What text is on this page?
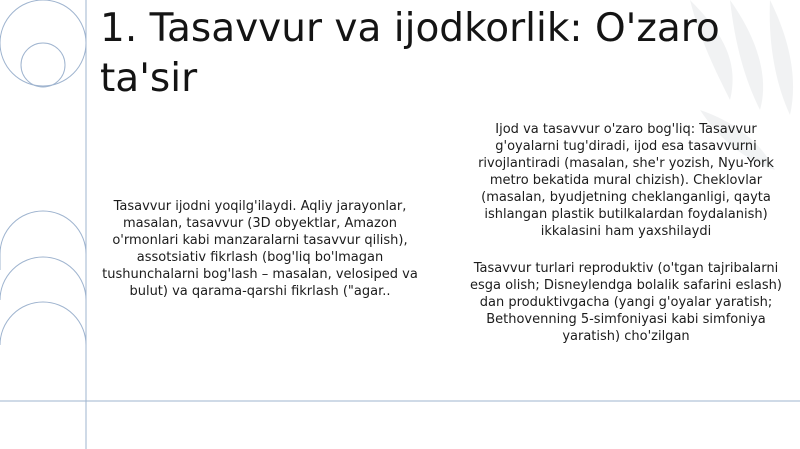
1. Tasavvur va ijodkorlik: O'zaro ta'sir
Tasavvur ijodni yoqilg'ilaydi. Aqliy jarayonlar, masalan, tasavvur (3D obyektlar, Amazon o'rmonlari kabi manzaralarni tasavvur qilish), assotsiativ fikrlash (bog'liq bo'lmagan tushunchalarni bog'lash – masalan, velosiped va bulut) va qarama-qarshi fikrlash ("agar..
Ijod va tasavvur o'zaro bog'liq: Tasavvur g'oyalarni tug'diradi, ijod esa tasavvurni rivojlantiradi (masalan, she'r yozish, Nyu-York metro bekatida mural chizish). Cheklovlar (masalan, byudjetning cheklanganligi, qayta ishlangan plastik butilkalardan foydalanish) ikkalasini ham yaxshilaydi
Tasavvur turlari reproduktiv (o'tgan tajribalarni esga olish; Disneylendga bolalik safarini eslash) dan produktivgacha (yangi g'oyalar yaratish; Bethovenning 5-simfoniyasi kabi simfoniya yaratish) cho'zilgan
